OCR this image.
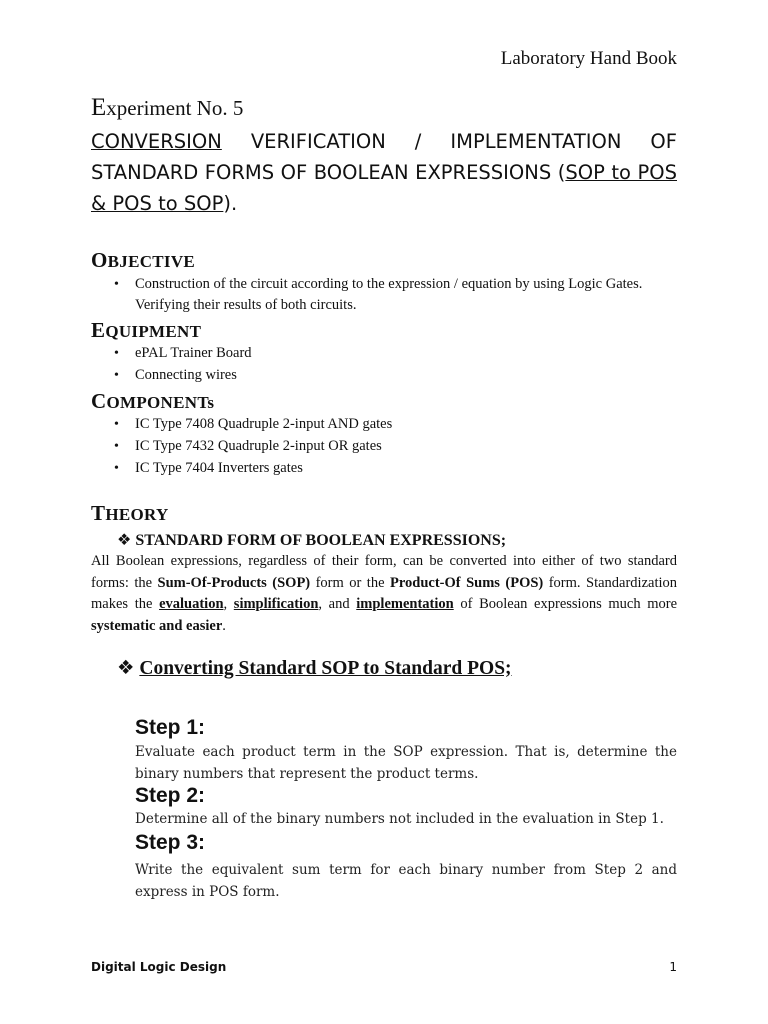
Laboratory Hand Book
Experiment No. 5
CONVERSION VERIFICATION / IMPLEMENTATION OF STANDARD FORMS OF BOOLEAN EXPRESSIONS (SOP to POS & POS to SOP).
OBJECTIVE
• Construction of the circuit according to the expression / equation by using Logic Gates. Verifying their results of both circuits.
EQUIPMENT
• ePAL Trainer Board
• Connecting wires
COMPONENTs
• IC Type 7408 Quadruple 2-input AND gates
• IC Type 7432 Quadruple 2-input OR gates
• IC Type 7404 Inverters gates
THEORY
❖ STANDARD FORM OF BOOLEAN EXPRESSIONS;
All Boolean expressions, regardless of their form, can be converted into either of two standard forms: the Sum-Of-Products (SOP) form or the Product-Of Sums (POS) form. Standardization makes the evaluation, simplification, and implementation of Boolean expressions much more systematic and easier.
❖ Converting Standard SOP to Standard POS;
Step 1:
Evaluate each product term in the SOP expression. That is, determine the binary numbers that represent the product terms.
Step 2:
Determine all of the binary numbers not included in the evaluation in Step 1.
Step 3:
Write the equivalent sum term for each binary number from Step 2 and express in POS form.
Digital Logic Design	1
